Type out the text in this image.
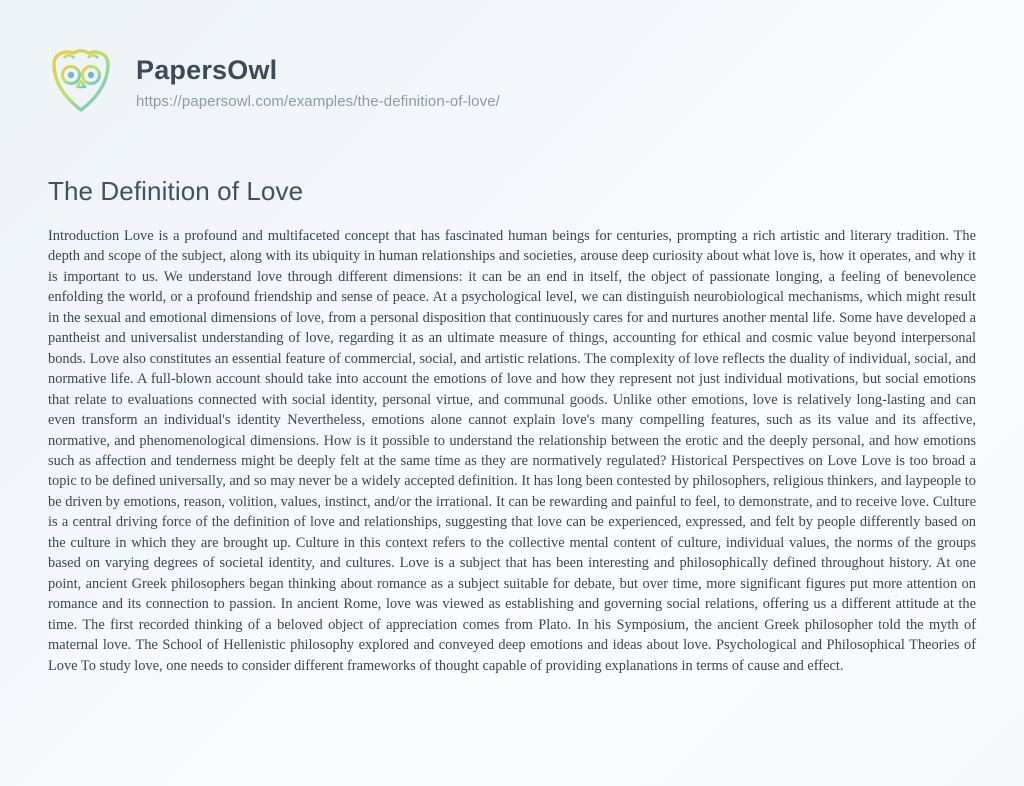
PapersOwl
https://papersowl.com/examples/the-definition-of-love/
The Definition of Love

Introduction Love is a profound and multifaceted concept that has fascinated human beings for centuries, prompting a rich artistic and literary tradition. The depth and scope of the subject, along with its ubiquity in human relationships and societies, arouse deep curiosity about what love is, how it operates, and why it is important to us. We understand love through different dimensions: it can be an end in itself, the object of passionate longing, a feeling of benevolence enfolding the world, or a profound friendship and sense of peace. At a psychological level, we can distinguish neurobiological mechanisms, which might result in the sexual and emotional dimensions of love, from a personal disposition that continuously cares for and nurtures another mental life. Some have developed a pantheist and universalist understanding of love, regarding it as an ultimate measure of things, accounting for ethical and cosmic value beyond interpersonal bonds. Love also constitutes an essential feature of commercial, social, and artistic relations. The complexity of love reflects the duality of individual, social, and normative life. A full-blown account should take into account the emotions of love and how they represent not just individual motivations, but social emotions that relate to evaluations connected with social identity, personal virtue, and communal goods. Unlike other emotions, love is relatively long-lasting and can even transform an individual's identity Nevertheless, emotions alone cannot explain love's many compelling features, such as its value and its affective, normative, and phenomenological dimensions. How is it possible to understand the relationship between the erotic and the deeply personal, and how emotions such as affection and tenderness might be deeply felt at the same time as they are normatively regulated? Historical Perspectives on Love Love is too broad a topic to be defined universally, and so may never be a widely accepted definition. It has long been contested by philosophers, religious thinkers, and laypeople to be driven by emotions, reason, volition, values, instinct, and/or the irrational. It can be rewarding and painful to feel, to demonstrate, and to receive love. Culture is a central driving force of the definition of love and relationships, suggesting that love can be experienced, expressed, and felt by people differently based on the culture in which they are brought up. Culture in this context refers to the collective mental content of culture, individual values, the norms of the groups based on varying degrees of societal identity, and cultures. Love is a subject that has been interesting and philosophically defined throughout history. At one point, ancient Greek philosophers began thinking about romance as a subject suitable for debate, but over time, more significant figures put more attention on romance and its connection to passion. In ancient Rome, love was viewed as establishing and governing social relations, offering us a different attitude at the time. The first recorded thinking of a beloved object of appreciation comes from Plato. In his Symposium, the ancient Greek philosopher told the myth of maternal love. The School of Hellenistic philosophy explored and conveyed deep emotions and ideas about love. Psychological and Philosophical Theories of Love To study love, one needs to consider different frameworks of thought capable of providing explanations in terms of cause and effect.
